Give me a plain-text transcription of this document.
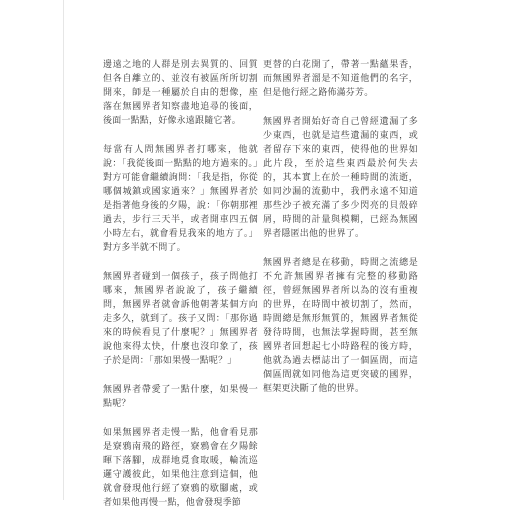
邊遠之地的人群是別去異質的、回質但各自離立的、並沒有被區所所切割開來，師是一種屬於自由的想像，座落在無國界者知察盡地追尋的後面，後面一點點，好像永遠跟隨它著。

每當有人問無國界者打哪來，他就說：「我從後面一點點的地方過來的。」對方可能會繼續詢問：「我是指，你從哪個城鎮或國家過來？」無國界者於是指著他身後的夕陽，說：「你朝那裡過去，步行三天半，或者開車四五個小時左右，就會看見我來的地方了。」對方多半就不問了。

無國界者碰到一個孩子，孩子問他打哪來，無國界者說說了，孩子繼續問，無國界者就會訴他朝著某個方向走多久，就到了。孩子又問：「那你過來的時候看見了什麼呢？」無國界者說他來得太快，什麼也沒印象了，孩子於是問：「那如果慢一點呢？」

無國界者帶愛了一點什麼，如果慢一點呢？

如果無國界者走慢一點，他會看見那是寮鴉南飛的路徑，寮鴉會在夕陽餘暉下落腳，成群地覓食取暖，輪流巡邏守護彼此，如果他注意到這個，他就會發現他行經了寮鴉的歇腳處，或者如果他再慢一點，他會發現季節

更替的白花開了，帶著一點蘊果香，而無國界者溜是不知道他們的名字，但是他行經之路佈滿芬芳。

無國界者開始好奇自己曾經遺漏了多少東西，也就是這些遺漏的東西，或者留存下來的東西，使得他的世界如此片段，至於這些東西最於何失去的，其本實上在於一種時間的流逝，如同沙漏的流動中，我們永遠不知道那些沙子被充滿了多少閃亮的貝殼碎屑，時間的計量與模糊，已經為無國界者隱匿出他的世界了。

無國界者總是在移動，時間之流總是不允許無國界者擁有完整的移動路徑，曾經無國界者所以為的沒有重複的世界，在時間中被切割了，然而，時間總是無形無質的，無國界者無從發待時間，也無法掌握時間，甚至無國界者回想起七小時路程的後方時，他就為過去標誌出了一個區間，而這個區間就如同他為這更突破的國界，框架更決斷了他的世界。
